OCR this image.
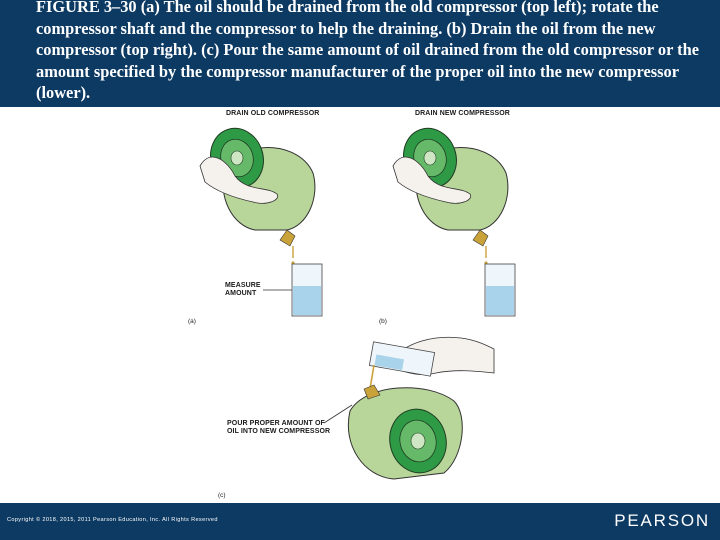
FIGURE 3–30 (a) The oil should be drained from the old compressor (top left); rotate the compressor shaft and the compressor to help the draining. (b) Drain the oil from the new compressor (top right). (c) Pour the same amount of oil drained from the old compressor or the amount specified by the compressor manufacturer of the proper oil into the new compressor (lower).

DRAIN OLD COMPRESSOR	DRAIN NEW COMPRESSOR
MEASURE
AMOUNT
POUR PROPER AMOUNT OF
OIL INTO NEW COMPRESSOR
(a)	(b)
(c)
Copyright © 2018, 2015, 2011 Pearson Education, Inc. All Rights Reserved	PEARSON
